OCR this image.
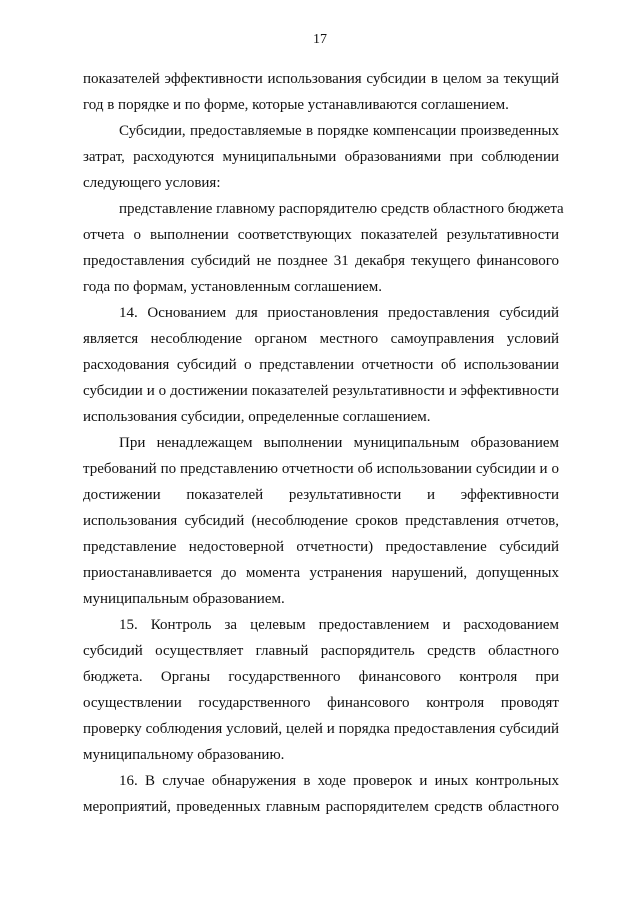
17
показателей эффективности использования субсидии в целом за текущий
год в порядке и по форме, которые устанавливаются соглашением.
Субсидии, предоставляемые в порядке компенсации произведенных
затрат, расходуются муниципальными образованиями при соблюдении
следующего условия:
представление главному распорядителю средств областного бюджета
отчета о выполнении соответствующих показателей результативности
предоставления субсидий не позднее 31 декабря текущего финансового
года по формам, установленным соглашением.
14. Основанием для приостановления предоставления субсидий
является несоблюдение органом местного самоуправления условий
расходования субсидий о представлении отчетности об использовании
субсидии и о достижении показателей результативности и эффективности
использования субсидии, определенные соглашением.
При ненадлежащем выполнении муниципальным образованием
требований по представлению отчетности об использовании субсидии и о
достижении показателей результативности и эффективности
использования субсидий (несоблюдение сроков представления отчетов,
представление недостоверной отчетности) предоставление субсидий
приостанавливается до момента устранения нарушений, допущенных
муниципальным образованием.
15. Контроль за целевым предоставлением и расходованием
субсидий осуществляет главный распорядитель средств областного
бюджета. Органы государственного финансового контроля при
осуществлении государственного финансового контроля проводят
проверку соблюдения условий, целей и порядка предоставления субсидий
муниципальному образованию.
16. В случае обнаружения в ходе проверок и иных контрольных
мероприятий, проведенных главным распорядителем средств областного
